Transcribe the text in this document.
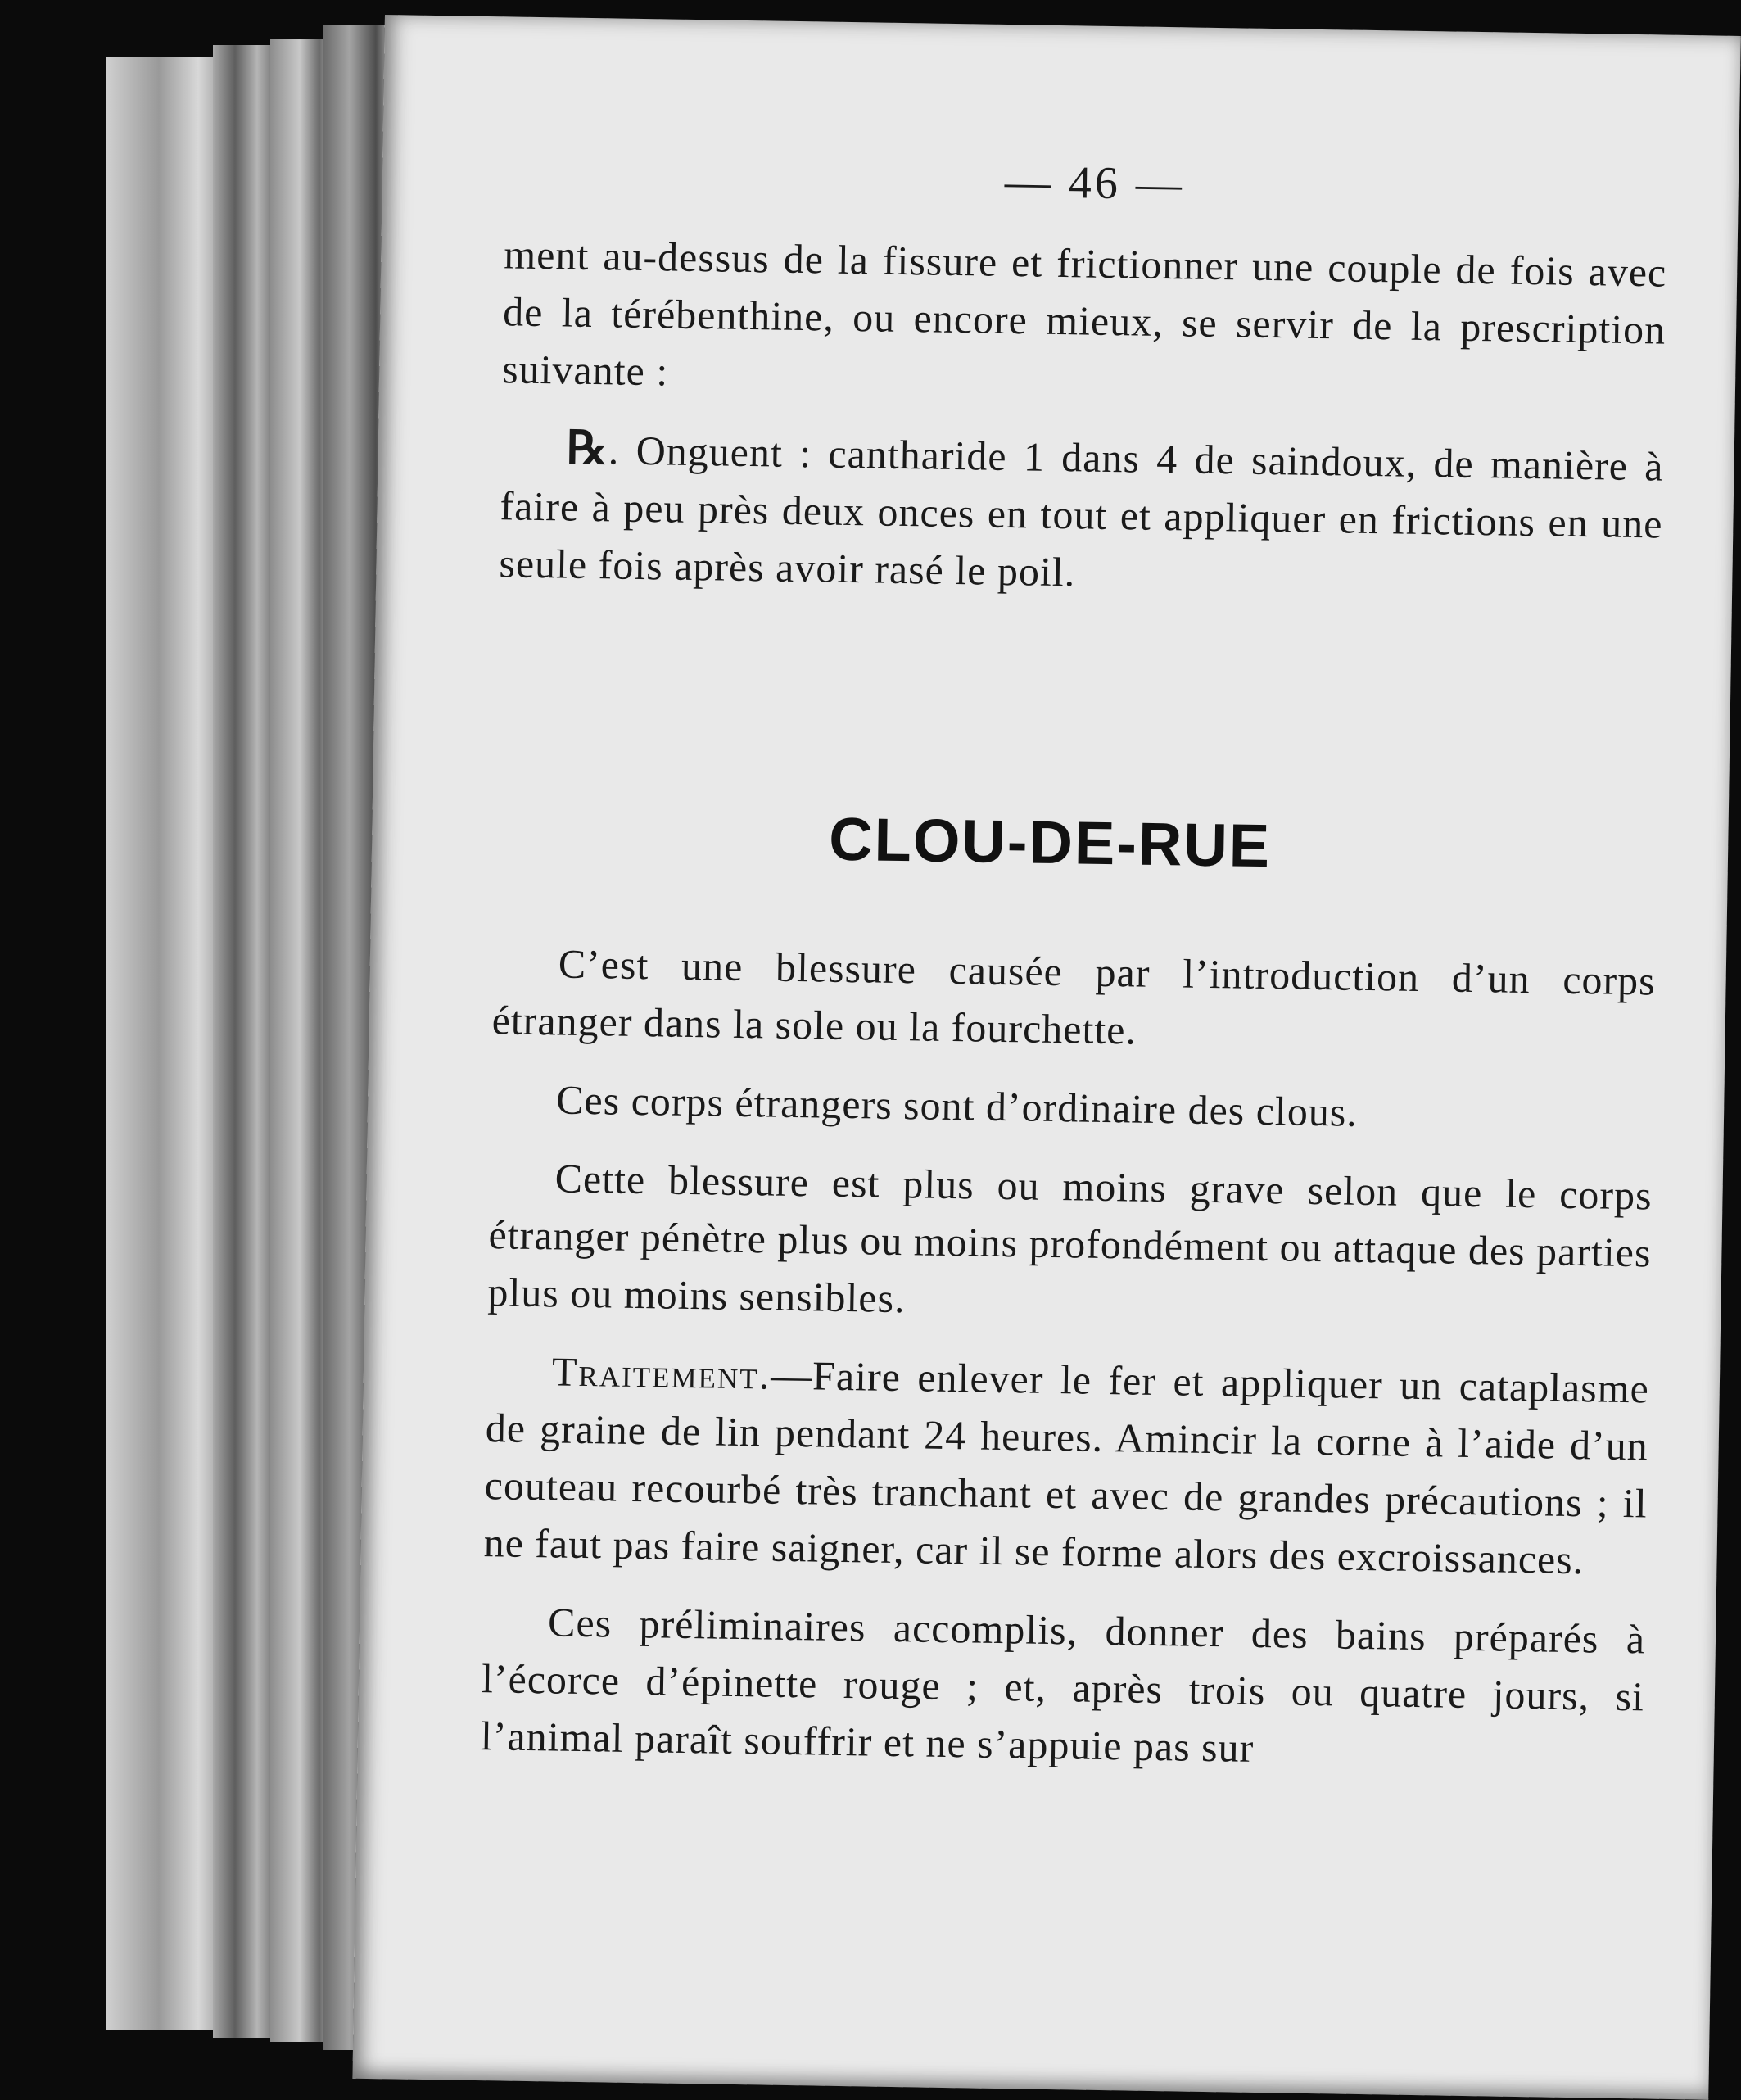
— 46 —

ment au-dessus de la fissure et frictionner une couple de fois avec de la térébenthine, ou encore mieux, se servir de la prescription suivante :

℞. Onguent : cantharide 1 dans 4 de saindoux, de manière à faire à peu près deux onces en tout et appliquer en frictions en une seule fois après avoir rasé le poil.

CLOU-DE-RUE

C’est une blessure causée par l’introduction d’un corps étranger dans la sole ou la fourchette.

Ces corps étrangers sont d’ordinaire des clous.

Cette blessure est plus ou moins grave selon que le corps étranger pénètre plus ou moins profondément ou attaque des parties plus ou moins sensibles.

Traitement.—Faire enlever le fer et appliquer un cataplasme de graine de lin pendant 24 heures. Amincir la corne à l’aide d’un couteau recourbé très tranchant et avec de grandes précautions ; il ne faut pas faire saigner, car il se forme alors des excroissances.

Ces préliminaires accomplis, donner des bains préparés à l’écorce d’épinette rouge ; et, après trois ou quatre jours, si l’animal paraît souffrir et ne s’appuie pas sur
